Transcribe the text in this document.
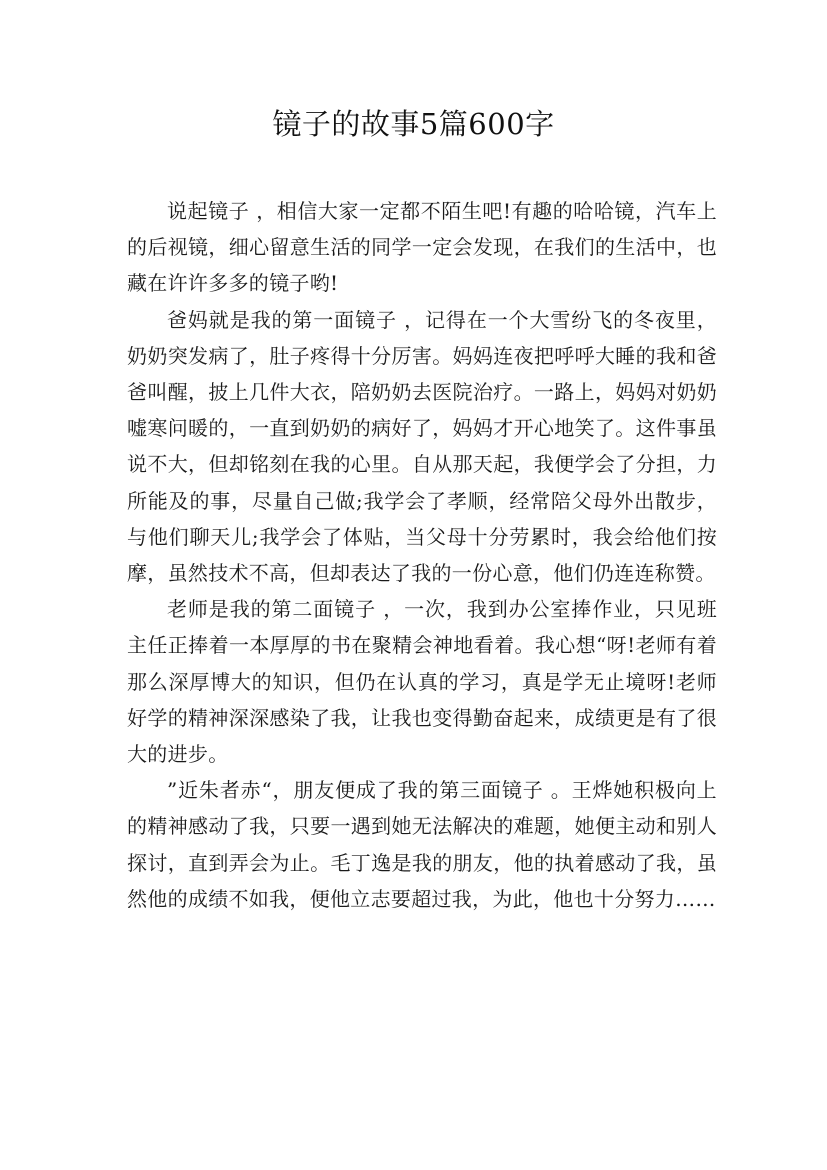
镜子的故事5篇600字

说起镜子 ，相信大家一定都不陌生吧!有趣的哈哈镜，汽车上的后视镜，细心留意生活的同学一定会发现，在我们的生活中，也藏在许许多多的镜子哟!

爸妈就是我的第一面镜子 ，记得在一个大雪纷飞的冬夜里，奶奶突发病了，肚子疼得十分厉害。妈妈连夜把呼呼大睡的我和爸爸叫醒，披上几件大衣，陪奶奶去医院治疗。一路上，妈妈对奶奶嘘寒问暖的，一直到奶奶的病好了，妈妈才开心地笑了。这件事虽说不大，但却铭刻在我的心里。自从那天起，我便学会了分担，力所能及的事，尽量自己做;我学会了孝顺，经常陪父母外出散步，与他们聊天儿;我学会了体贴，当父母十分劳累时，我会给他们按摩，虽然技术不高，但却表达了我的一份心意，他们仍连连称赞。

老师是我的第二面镜子 ，一次，我到办公室捧作业，只见班主任正捧着一本厚厚的书在聚精会神地看着。我心想“呀!老师有着那么深厚博大的知识，但仍在认真的学习，真是学无止境呀!老师好学的精神深深感染了我，让我也变得勤奋起来，成绩更是有了很大的进步。

”近朱者赤“，朋友便成了我的第三面镜子 。王烨她积极向上的精神感动了我，只要一遇到她无法解决的难题，她便主动和别人探讨，直到弄会为止。毛丁逸是我的朋友，他的执着感动了我，虽然他的成绩不如我，便他立志要超过我，为此，他也十分努力……
